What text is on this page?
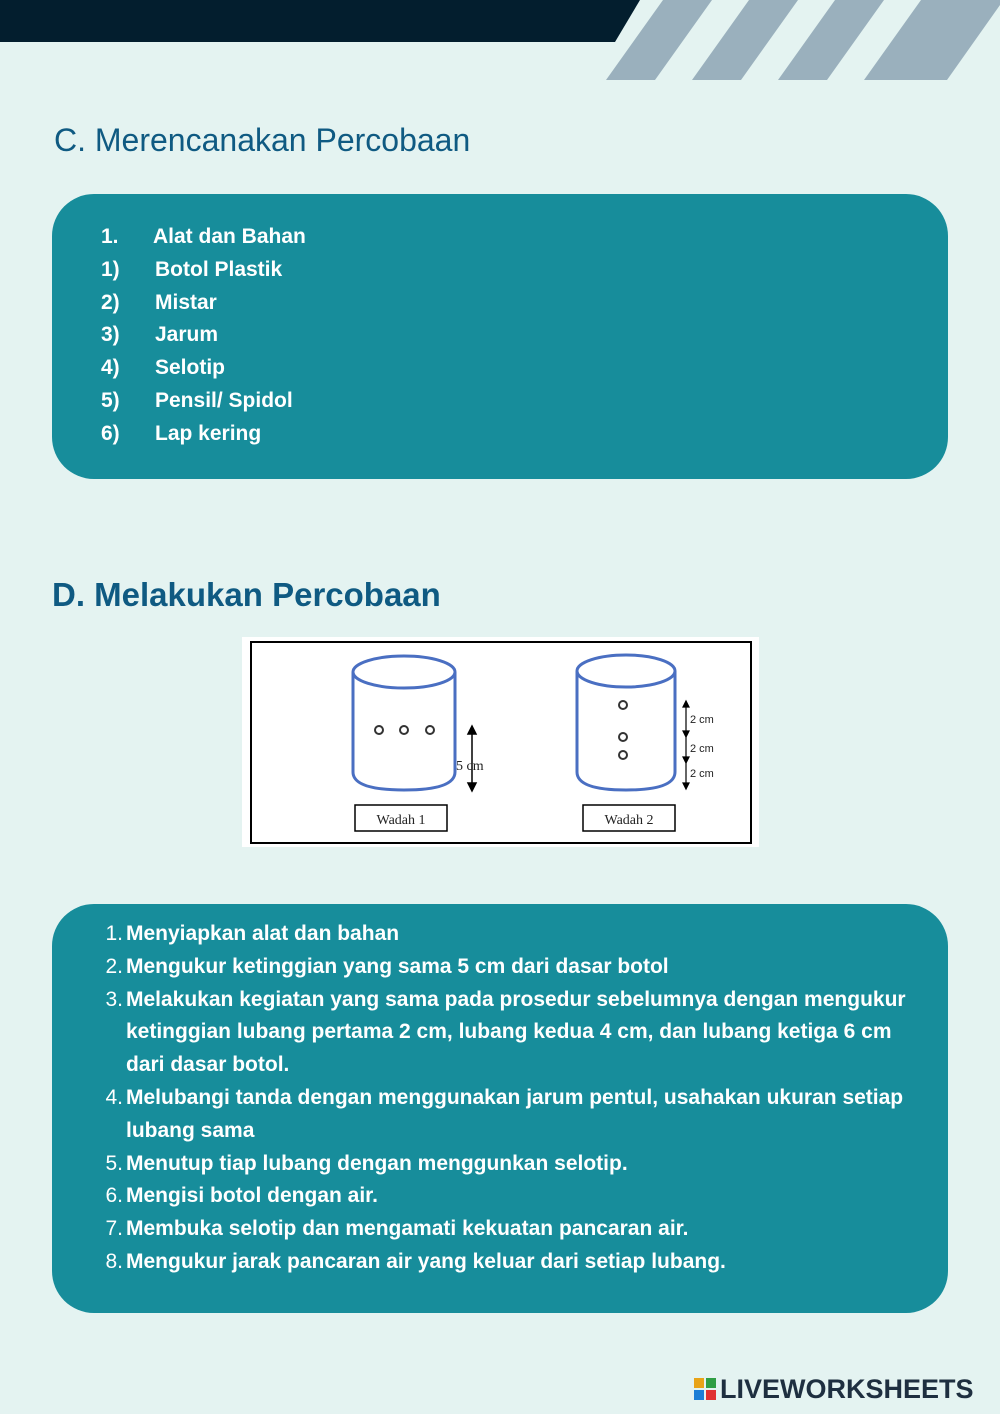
C. Merencanakan Percobaan
1.	Alat dan Bahan
1)	Botol Plastik
2)	Mistar
3)	Jarum
4)	Selotip
5)	Pensil/ Spidol
6)	Lap kering
D. Melakukan Percobaan
5 cm
Wadah 1
2 cm
2 cm
2 cm
Wadah 2
1. Menyiapkan alat dan bahan
2. Mengukur ketinggian yang sama 5 cm dari dasar botol
3. Melakukan kegiatan yang sama pada prosedur sebelumnya dengan mengukur ketinggian lubang pertama 2 cm, lubang kedua 4 cm, dan lubang ketiga 6 cm dari dasar botol.
4. Melubangi tanda dengan menggunakan jarum pentul, usahakan ukuran setiap lubang sama
5. Menutup tiap lubang dengan menggunkan selotip.
6. Mengisi botol dengan air.
7. Membuka selotip dan mengamati kekuatan pancaran air.
8. Mengukur jarak pancaran air yang keluar dari setiap lubang.
LIVEWORKSHEETS
